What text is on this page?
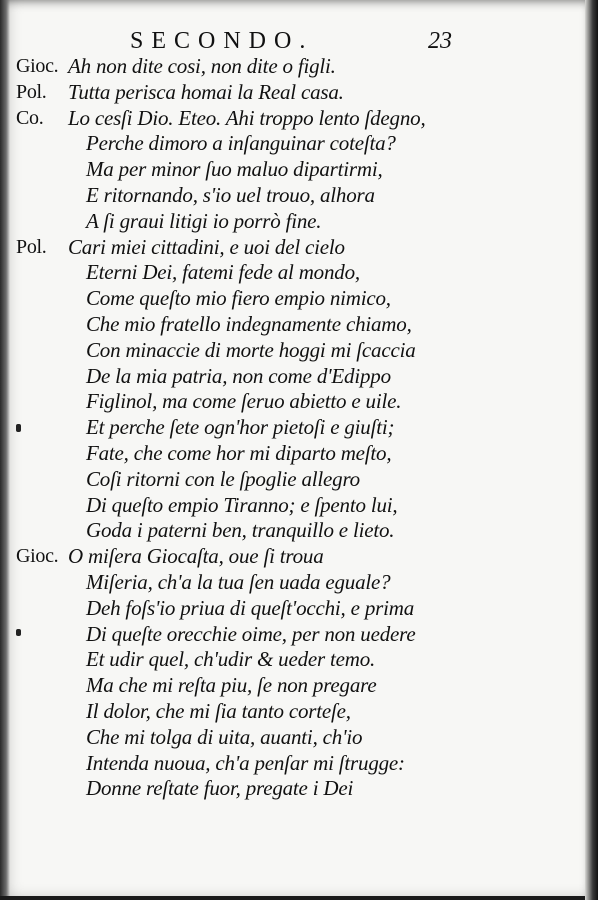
SECONDO.	23
Gioc. Ah non dite cosi, non dite o figli.
Pol.	Tutta perisca homai la Real casa.
Co.	Lo cesſi Dio. Eteo. Ahi troppo lento ſdegno,
Perche dimoro a inſanguinar coteſta?
Ma per minor ſuo maluo dipartirmi,
E ritornando, s'io uel trouo, alhora
A ſi graui litigi io porrò fine.
Pol.	Cari miei cittadini, e uoi del cielo
Eterni Dei, fatemi fede al mondo,
Come queſto mio fiero empio nimico,
Che mio fratello indegnamente chiamo,
Con minaccie di morte hoggi mi ſcaccia
De la mia patria, non come d'Edippo
Figlinol, ma come ſeruo abietto e uile.
Et perche ſete ogn'hor pietoſi e giuſti;
Fate, che come hor mi diparto meſto,
Coſi ritorni con le ſpoglie allegro
Di queſto empio Tiranno; e ſpento lui,
Goda i paterni ben, tranquillo e lieto.
Gioc. O miſera Giocaſta, oue ſi troua
Miſeria, ch'a la tua ſen uada eguale?
Deh foſs'io priua di queſt'occhi, e prima
Di queſte orecchie oime, per non uedere
Et udir quel, ch'udir & ueder temo.
Ma che mi reſta piu, ſe non pregare
Il dolor, che mi ſia tanto corteſe,
Che mi tolga di uita, auanti, ch'io
Intenda nuoua, ch'a penſar mi ſtrugge:
Donne reſtate fuor, pregate i Dei
